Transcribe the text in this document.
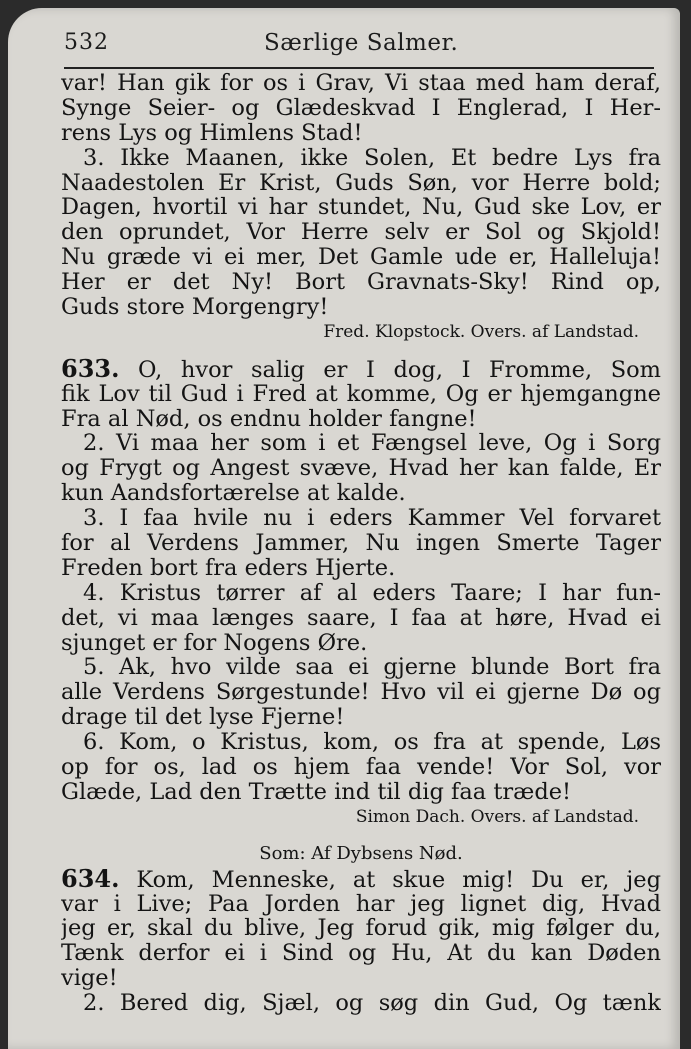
532	Særlige Salmer.
var! Han gik for os i Grav, Vi staa med ham deraf,
Synge Seier- og Glædeskvad I Englerad, I Her-
rens Lys og Himlens Stad!
3. Ikke Maanen, ikke Solen, Et bedre Lys fra
Naadestolen Er Krist, Guds Søn, vor Herre bold;
Dagen, hvortil vi har stundet, Nu, Gud ske Lov, er
den oprundet, Vor Herre selv er Sol og Skjold!
Nu græde vi ei mer, Det Gamle ude er, Halleluja!
Her er det Ny! Bort Gravnats-Sky! Rind op,
Guds store Morgengry!
Fred. Klopstock. Overs. af Landstad.
633. O, hvor salig er I dog, I Fromme, Som
fik Lov til Gud i Fred at komme, Og er hjemgangne
Fra al Nød, os endnu holder fangne!
2. Vi maa her som i et Fængsel leve, Og i Sorg
og Frygt og Angest svæve, Hvad her kan falde, Er
kun Aandsfortærelse at kalde.
3. I faa hvile nu i eders Kammer Vel forvaret
for al Verdens Jammer, Nu ingen Smerte Tager
Freden bort fra eders Hjerte.
4. Kristus tørrer af al eders Taare; I har fun-
det, vi maa længes saare, I faa at høre, Hvad ei
sjunget er for Nogens Øre.
5. Ak, hvo vilde saa ei gjerne blunde Bort fra
alle Verdens Sørgestunde! Hvo vil ei gjerne Dø og
drage til det lyse Fjerne!
6. Kom, o Kristus, kom, os fra at spende, Løs
op for os, lad os hjem faa vende! Vor Sol, vor
Glæde, Lad den Trætte ind til dig faa træde!
Simon Dach. Overs. af Landstad.
Som: Af Dybsens Nød.
634. Kom, Menneske, at skue mig! Du er, jeg
var i Live; Paa Jorden har jeg lignet dig, Hvad
jeg er, skal du blive, Jeg forud gik, mig følger du,
Tænk derfor ei i Sind og Hu, At du kan Døden
vige!
2. Bered dig, Sjæl, og søg din Gud, Og tænk
